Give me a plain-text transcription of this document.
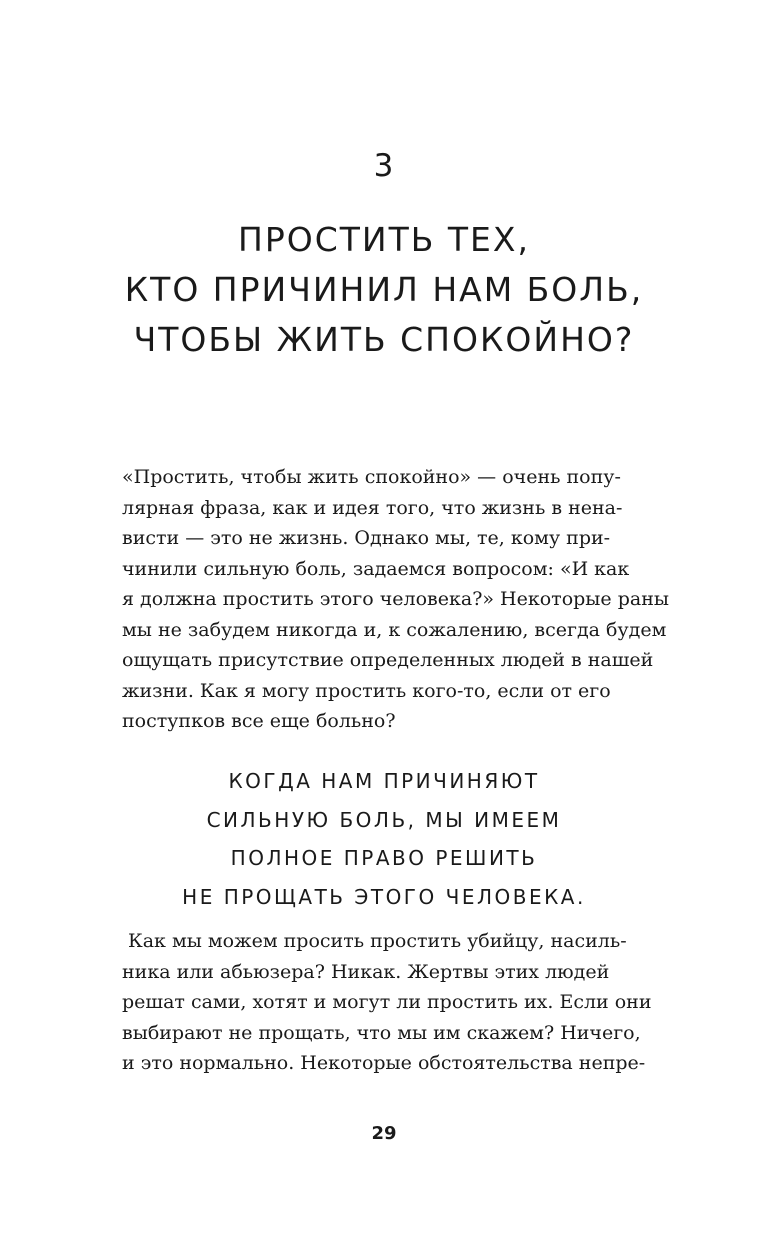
3
ПРОСТИТЬ ТЕХ,
КТО ПРИЧИНИЛ НАМ БОЛЬ,
ЧТОБЫ ЖИТЬ СПОКОЙНО?
«Простить, чтобы жить спокойно» — очень попу-
лярная фраза, как и идея того, что жизнь в нена-
висти — это не жизнь. Однако мы, те, кому при-
чинили сильную боль, задаемся вопросом: «И как
я должна простить этого человека?» Некоторые раны
мы не забудем никогда и, к сожалению, всегда будем
ощущать присутствие определенных людей в нашей
жизни. Как я могу простить кого-то, если от его
поступков все еще больно?
КОГДА НАМ ПРИЧИНЯЮТ
СИЛЬНУЮ БОЛЬ, МЫ ИМЕЕМ
ПОЛНОЕ ПРАВО РЕШИТЬ
НЕ ПРОЩАТЬ ЭТОГО ЧЕЛОВЕКА.
Как мы можем просить простить убийцу, насиль-
ника или абьюзера? Никак. Жертвы этих людей
решат сами, хотят и могут ли простить их. Если они
выбирают не прощать, что мы им скажем? Ничего,
и это нормально. Некоторые обстоятельства непре-
29
